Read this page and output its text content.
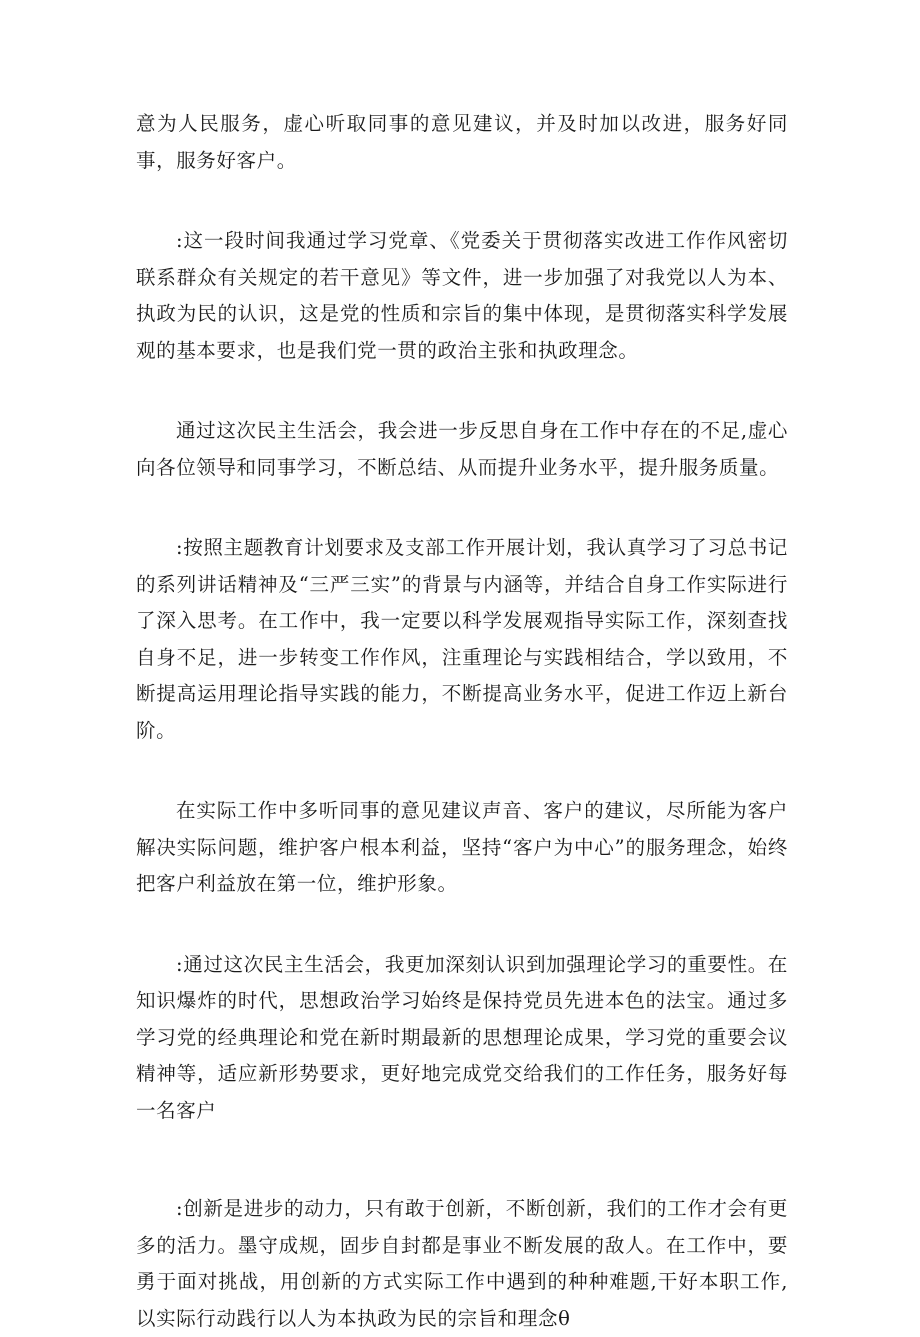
意为人民服务，虚心听取同事的意见建议，并及时加以改进，服务好同事，服务好客户。

:这一段时间我通过学习党章、《党委关于贯彻落实改进工作作风密切联系群众有关规定的若干意见》等文件，进一步加强了对我党以人为本、执政为民的认识，这是党的性质和宗旨的集中体现，是贯彻落实科学发展观的基本要求，也是我们党一贯的政治主张和执政理念。

通过这次民主生活会，我会进一步反思自身在工作中存在的不足,虚心向各位领导和同事学习，不断总结、从而提升业务水平，提升服务质量。

:按照主题教育计划要求及支部工作开展计划，我认真学习了习总书记的系列讲话精神及“三严三实”的背景与内涵等，并结合自身工作实际进行了深入思考。在工作中，我一定要以科学发展观指导实际工作，深刻查找自身不足，进一步转变工作作风，注重理论与实践相结合，学以致用，不断提高运用理论指导实践的能力，不断提高业务水平，促进工作迈上新台阶。

在实际工作中多听同事的意见建议声音、客户的建议，尽所能为客户解决实际问题，维护客户根本利益，坚持“客户为中心”的服务理念，始终把客户利益放在第一位，维护形象。

:通过这次民主生活会，我更加深刻认识到加强理论学习的重要性。在知识爆炸的时代，思想政治学习始终是保持党员先进本色的法宝。通过多学习党的经典理论和党在新时期最新的思想理论成果，学习党的重要会议精神等，适应新形势要求，更好地完成党交给我们的工作任务，服务好每一名客户

:创新是进步的动力，只有敢于创新，不断创新，我们的工作才会有更多的活力。墨守成规，固步自封都是事业不断发展的敌人。在工作中，要勇于面对挑战，用创新的方式实际工作中遇到的种种难题,干好本职工作,以实际行动践行以人为本执政为民的宗旨和理念θ
